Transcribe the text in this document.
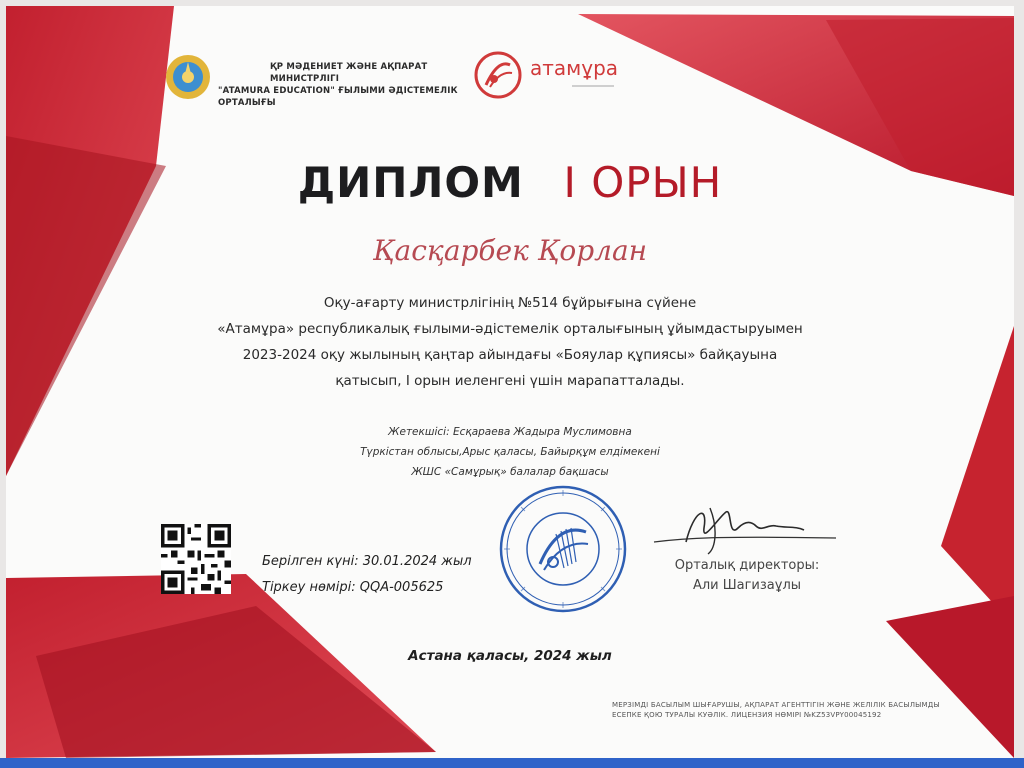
ҚР МӘДЕНИЕТ ЖӘНЕ АҚПАРАТ МИНИСТРЛІГІ
"ATAMURA EDUCATION" ҒЫЛЫМИ ӘДІСТЕМЕЛІК ОРТАЛЫҒЫ
атамұра
ДИПЛОМ І ОРЫН
Қасқарбек Қорлан
Оқу-ағарту министрлігінің №514 бұйрығына сүйене
«Атамұра» республикалық ғылыми-әдістемелік орталығының ұйымдастыруымен
2023-2024 оқу жылының қаңтар айындағы «Бояулар құпиясы» байқауына
қатысып, І орын иеленгені үшін марапатталады.
Жетекшісі: Есқараева Жадыра Муслимовна
Түркістан облысы,Арыс қаласы, Байырқұм елдімекені
ЖШС «Самұрық» балалар бақшасы
Берілген күні: 30.01.2024 жыл
Тіркеу нөмірі: QQA-005625
Орталық директоры:
Али Шагизаұлы
Астана қаласы, 2024 жыл
МЕРЗІМДІ БАСЫЛЫМ ШЫҒАРУШЫ, АҚПАРАТ АГЕНТТІГІН ЖӘНЕ ЖЕЛІЛІК БАСЫЛЫМДЫ
ЕСЕПКЕ ҚОЮ ТУРАЛЫ КУӘЛІК. ЛИЦЕНЗИЯ НӨМІРІ №KZ53VPY00045192
